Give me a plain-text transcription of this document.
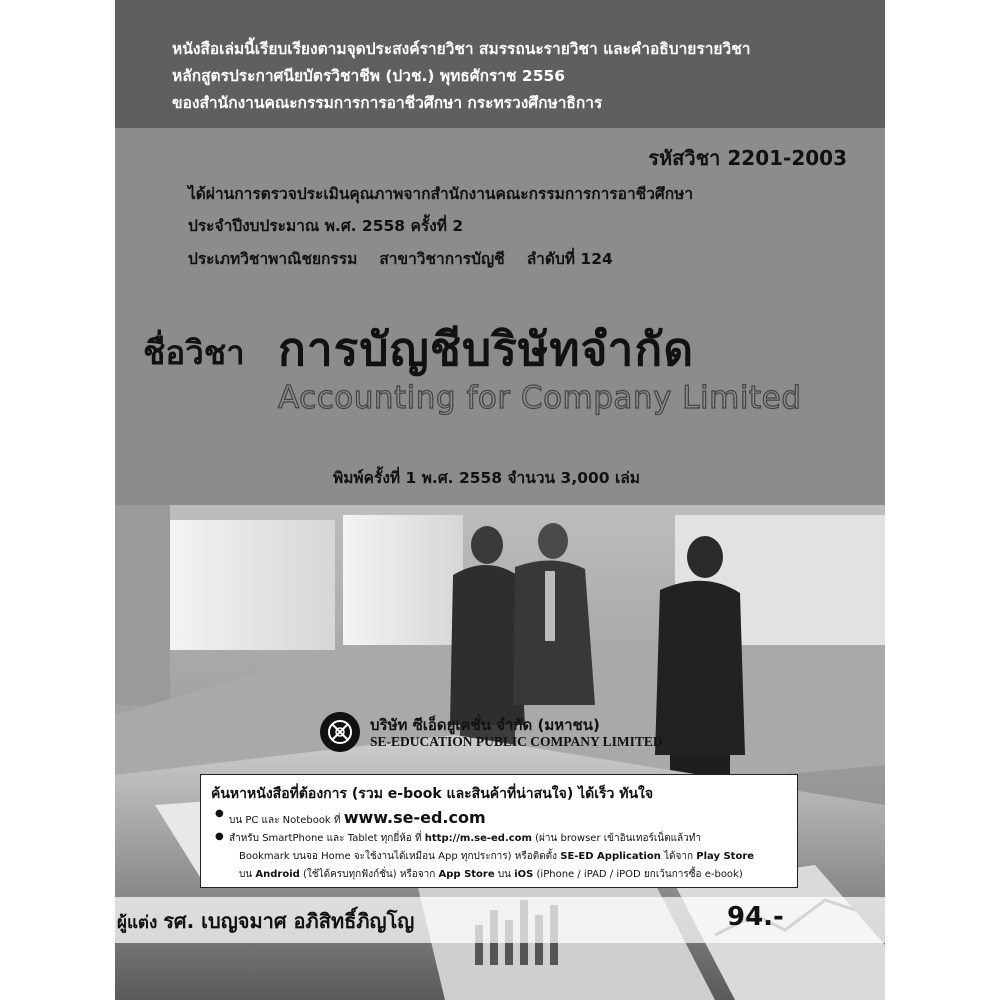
หนังสือเล่มนี้เรียบเรียงตามจุดประสงค์รายวิชา สมรรถนะรายวิชา และคำอธิบายรายวิชา

หลักสูตรประกาศนียบัตรวิชาชีพ (ปวช.) พุทธศักราช 2556

ของสำนักงานคณะกรรมการการอาชีวศึกษา กระทรวงศึกษาธิการ

รหัสวิชา 2201-2003

ได้ผ่านการตรวจประเมินคุณภาพจากสำนักงานคณะกรรมการการอาชีวศึกษา

ประจำปีงบประมาณ พ.ศ. 2558 ครั้งที่ 2

ประเภทวิชาพาณิชยกรรม สาขาวิชาการบัญชี ลำดับที่ 124

ชื่อวิชา การบัญชีบริษัทจำกัด
Accounting for Company Limited
พิมพ์ครั้งที่ 1 พ.ศ. 2558 จำนวน 3,000 เล่ม
บริษัท ซีเอ็ดยูเคชั่น จำกัด (มหาชน)
SE-EDUCATION PUBLIC COMPANY LIMITED
ค้นหาหนังสือที่ต้องการ (รวม e-book และสินค้าที่น่าสนใจ) ได้เร็ว ทันใจ
●
บน PC และ Notebook ที่ www.se-ed.com
● สำหรับ SmartPhone และ Tablet ทุกยี่ห้อ ที่ http://m.se-ed.com (ผ่าน browser เข้าอินเทอร์เน็ตแล้วทำ
Bookmark บนจอ Home จะใช้งานได้เหมือน App ทุกประการ) หรือติดตั้ง SE-ED Application ได้จาก Play Store
บน Android (ใช้ได้ครบทุกฟังก์ชั่น) หรือจาก App Store บน iOS (iPhone / iPAD / iPOD ยกเว้นการซื้อ e-book)
ผู้แต่ง รศ. เบญจมาศ อภิสิทธิ์ภิญโญ	94.-
